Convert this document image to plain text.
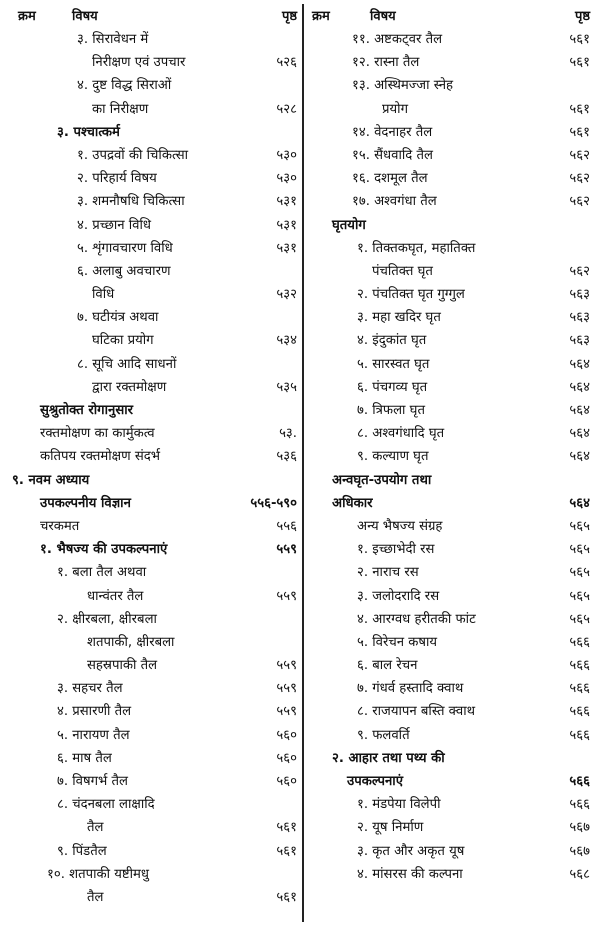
क्रम	विषय	पृष्ठ
३. सिरावेधन में
निरीक्षण एवं उपचार	५२६
४. दुष्ट विद्ध सिराओं
का निरीक्षण	५२८
३. पश्चात्कर्म
१. उपद्रवों की चिकित्सा	५३०
२. परिहार्य विषय	५३०
३. शमनौषधि चिकित्सा	५३१
४. प्रच्छान विधि	५३१
५. शृंगावचारण विधि	५३१
६. अलाबु अवचारण
विधि	५३२
७. घटीयंत्र अथवा
घटिका प्रयोग	५३४
८. सूचि आदि साधनों
द्वारा रक्तमोक्षण	५३५
सुश्रुतोक्त रोगानुसार
रक्तमोक्षण का कार्मुकत्व	५३.
कतिपय रक्तमोक्षण संदर्भ	५३६
९. नवम अध्याय
उपकल्पनीय विज्ञान	५५६-५९०
चरकमत	५५६
१. भैषज्य की उपकल्पनाएं	५५९
१. बला तैल अथवा
धान्वंतर तैल	५५९
२. क्षीरबला, क्षीरबला
शतपाकी, क्षीरबला
सहस्रपाकी तैल	५५९
३. सहचर तैल	५५९
४. प्रसारणी तैल	५५९
५. नारायण तैल	५६०
६. माष तैल	५६०
७. विषगर्भ तैल	५६०
८. चंदनबला लाक्षादि
तैल	५६१
९. पिंडतैल	५६१
१०. शतपाकी यष्टीमधु
तैल	५६१
क्रम	विषय	पृष्ठ
११. अष्टकट्वर तैल	५६१
१२. रास्ना तैल	५६१
१३. अस्थिमज्जा स्नेह
प्रयोग	५६१
१४. वेदनाहर तैल	५६१
१५. सैंधवादि तैल	५६२
१६. दशमूल तैल	५६२
१७. अश्वगंधा तैल	५६२
घृतयोग
१. तिक्तकघृत, महातिक्त
पंचतिक्त घृत	५६२
२. पंचतिक्त घृत गुग्गुल	५६३
३. महा खदिर घृत	५६३
४. इंदुकांत घृत	५६३
५. सारस्वत घृत	५६४
६. पंचगव्य घृत	५६४
७. त्रिफला घृत	५६४
८. अश्वगंधादि घृत	५६४
९. कल्याण घृत	५६४
अन्वघृत-उपयोग तथा
अधिकार	५६४
अन्य भैषज्य संग्रह	५६५
१. इच्छाभेदी रस	५६५
२. नाराच रस	५६५
३. जलोदरादि रस	५६५
४. आरग्वध हरीतकी फांट	५६५
५. विरेचन कषाय	५६६
६. बाल रेचन	५६६
७. गंधर्व हस्तादि क्वाथ	५६६
८. राजयापन बस्ति क्वाथ	५६६
९. फलवर्ति	५६६
२. आहार तथा पथ्य की
उपकल्पनाएं	५६६
१. मंडपेया विलेपी	५६६
२. यूष निर्माण	५६७
३. कृत और अकृत यूष	५६७
४. मांसरस की कल्पना	५६८
